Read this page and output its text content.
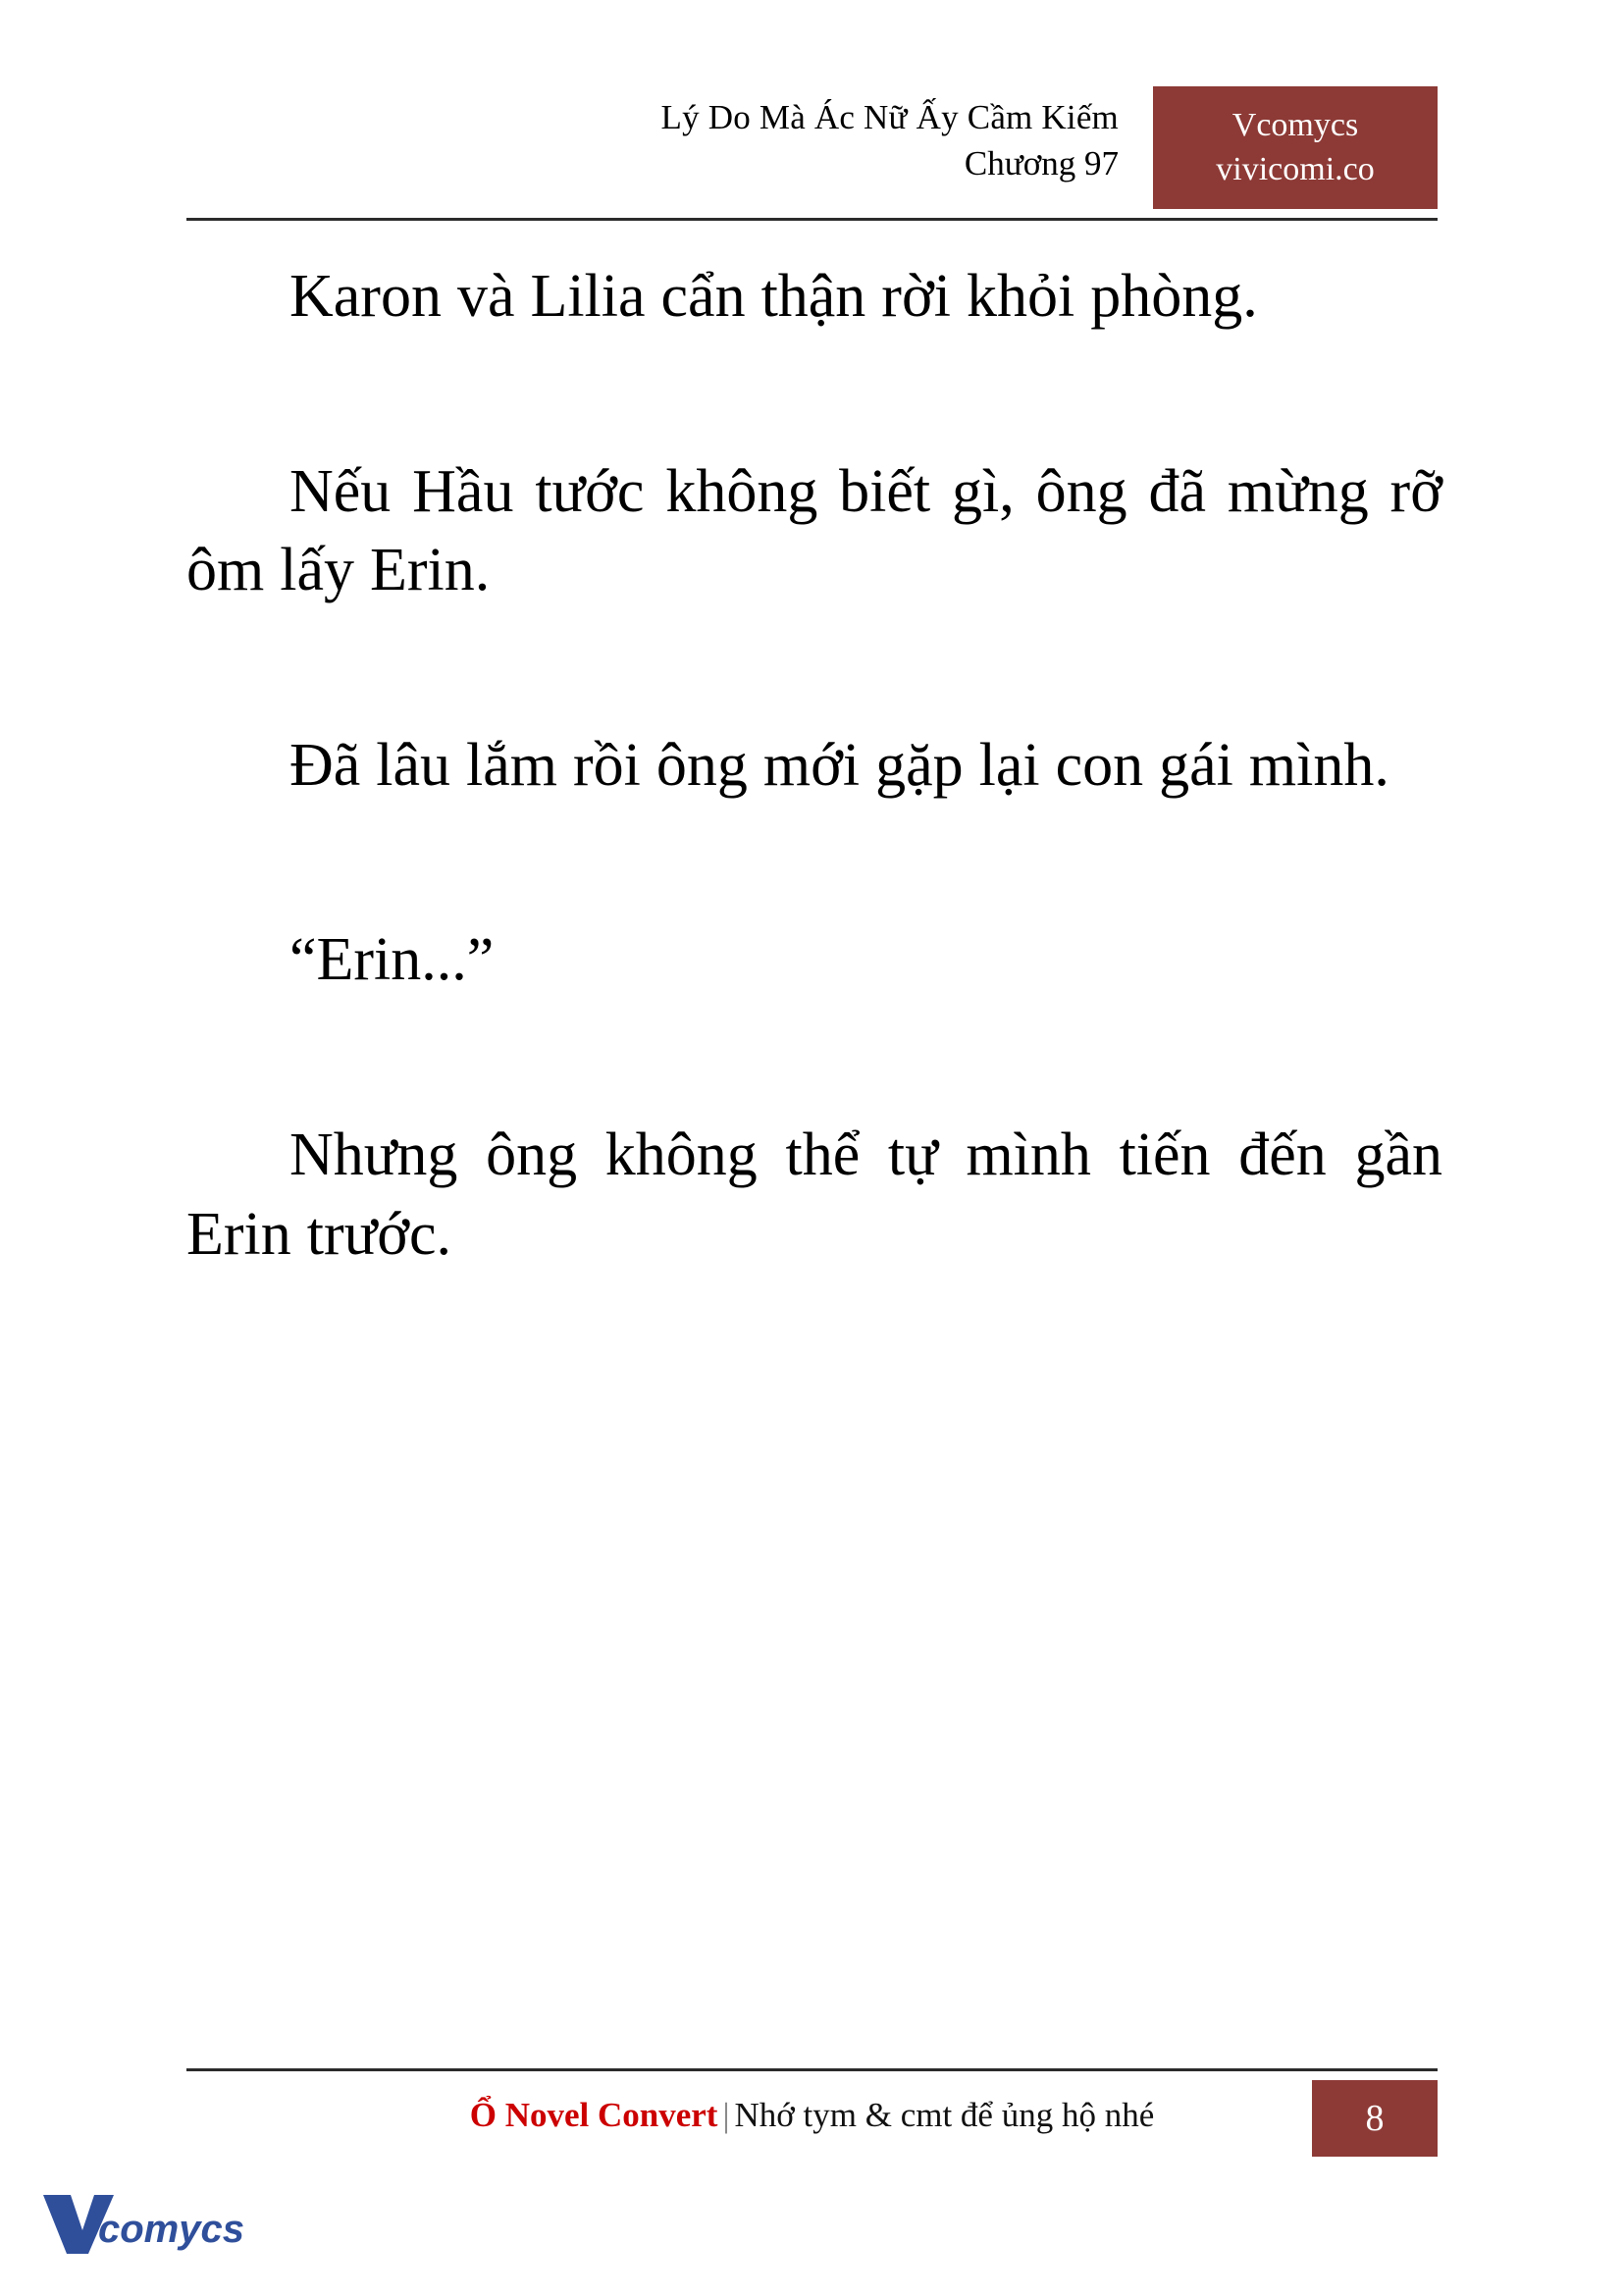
Lý Do Mà Ác Nữ Ấy Cầm Kiếm
Chương 97
Vcomycs
vivicomi.co

Karon và Lilia cẩn thận rời khỏi phòng.

Nếu Hầu tước không biết gì, ông đã mừng rỡ ôm lấy Erin.

Đã lâu lắm rồi ông mới gặp lại con gái mình.

“Erin...”

Nhưng ông không thể tự mình tiến đến gần Erin trước.

Ổ Novel Convert | Nhớ tym & cmt để ủng hộ nhé	8
comycs
